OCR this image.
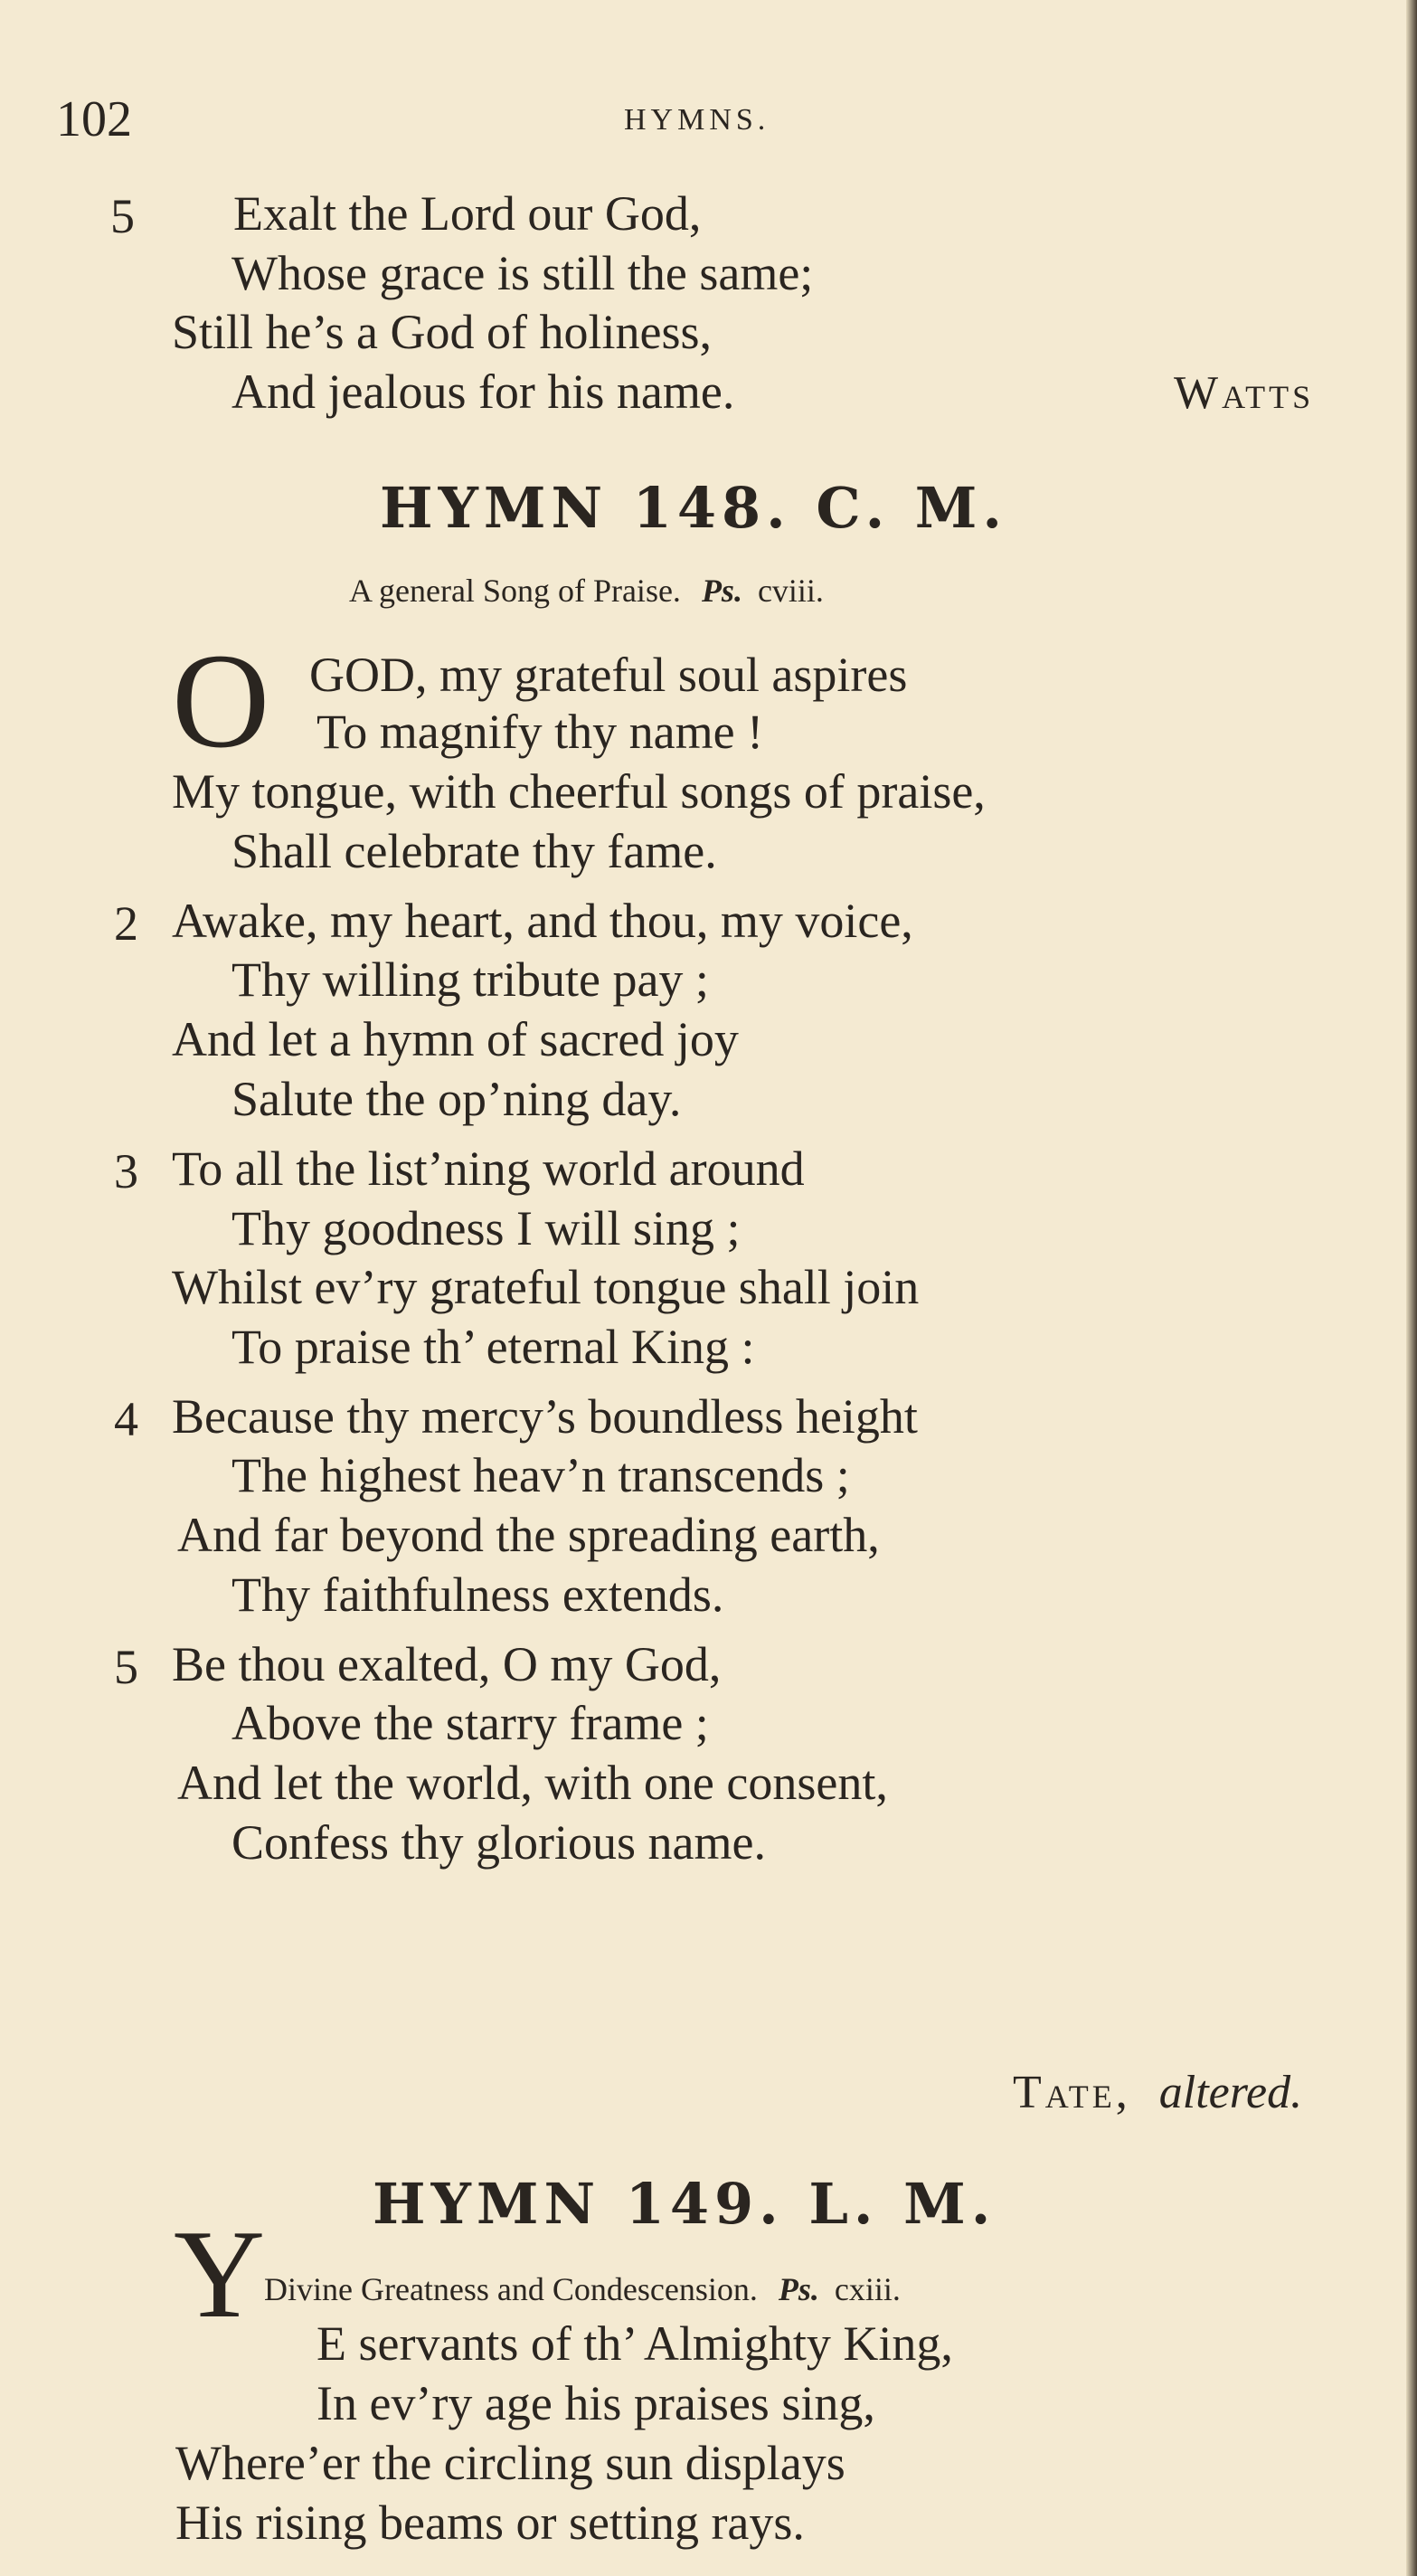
102	HYMNS.
5 Exalt the Lord our God,
Whose grace is still the same;
Still he’s a God of holiness,
And jealous for his name.	Watts
HYMN 148. C. M.
A general Song of Praise. Ps. cviii.
O GOD, my grateful soul aspires
To magnify thy name !
My tongue, with cheerful songs of praise,
Shall celebrate thy fame.
2 Awake, my heart, and thou, my voice,
Thy willing tribute pay ;
And let a hymn of sacred joy
Salute the op’ning day.
3 To all the list’ning world around
Thy goodness I will sing ;
Whilst ev’ry grateful tongue shall join
To praise th’ eternal King :
4 Because thy mercy’s boundless height
The highest heav’n transcends ;
And far beyond the spreading earth,
Thy faithfulness extends.
5 Be thou exalted, O my God,
Above the starry frame ;
And let the world, with one consent,
Confess thy glorious name.
Tate, altered.
HYMN 149. L. M.
Divine Greatness and Condescension. Ps. cxiii.
Y E servants of th’ Almighty King,
In ev’ry age his praises sing,
Where’er the circling sun displays
His rising beams or setting rays.
